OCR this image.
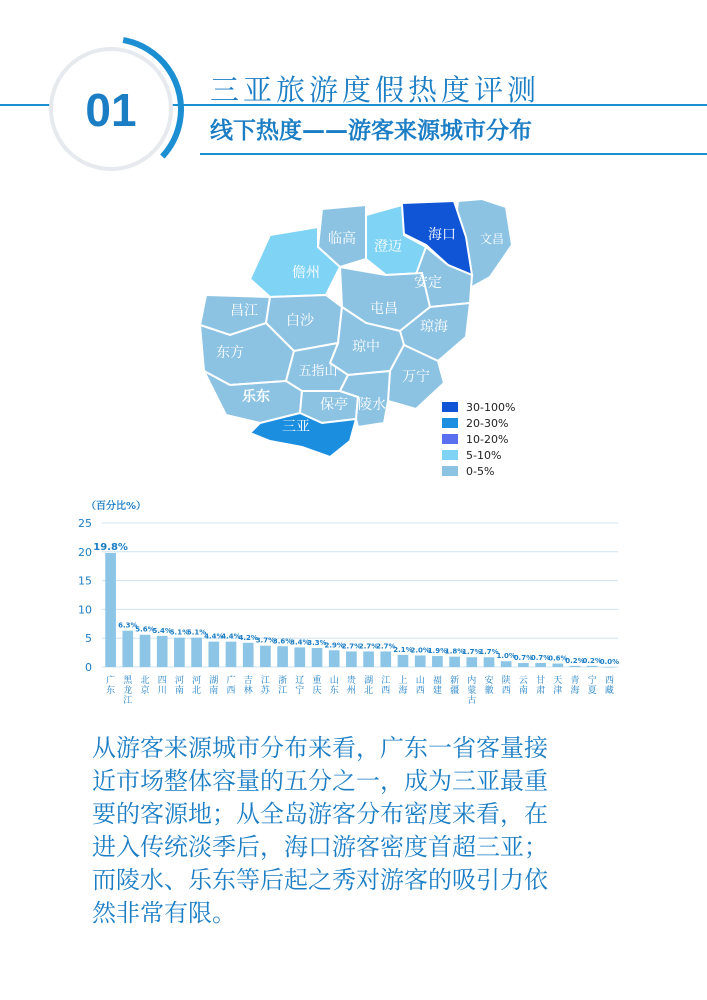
01	三亚旅游度假热度评测
线下热度——游客来源城市分布
海口 文昌
临高 澄迈
儋州
安定
屯昌
昌江
白沙	琼海
东方	琼中
五指山	万宁
乐东	保亭 陵水
三亚
30-100%
20-30%
10-20%
5-10%
0-5%
（百分比%）
0
5
10
15
20
25
19.8%
广
东
6.3%
黑
龙
江
5.6%
北
京
5.4%
四
川
5.1%
河
南
5.1%
河
北
4.4%
湖
南
4.4%
广
西
4.2%
吉
林
3.7%
江
苏
3.6%
浙
江
3.4%
辽
宁
3.3%
重
庆
2.9%
山
东
2.7%
贵
州
2.7%
湖
北
2.7%
江
西
2.1%
上
海
2.0%
山
西
1.9%
福
建
1.8%
新
疆
1.7%
内
蒙
古
1.7%
安
徽
1.0%
陕
西
0.7%
云
南
0.7%
甘
肃
0.6%
天
津
0.2%
青
海
0.2%
宁
夏
0.0%
西
藏

从游客来源城市分布来看，广东一省客量接

近市场整体容量的五分之一，成为三亚最重

要的客源地；从全岛游客分布密度来看，在

进入传统淡季后，海口游客密度首超三亚；

而陵水、乐东等后起之秀对游客的吸引力依

然非常有限。
